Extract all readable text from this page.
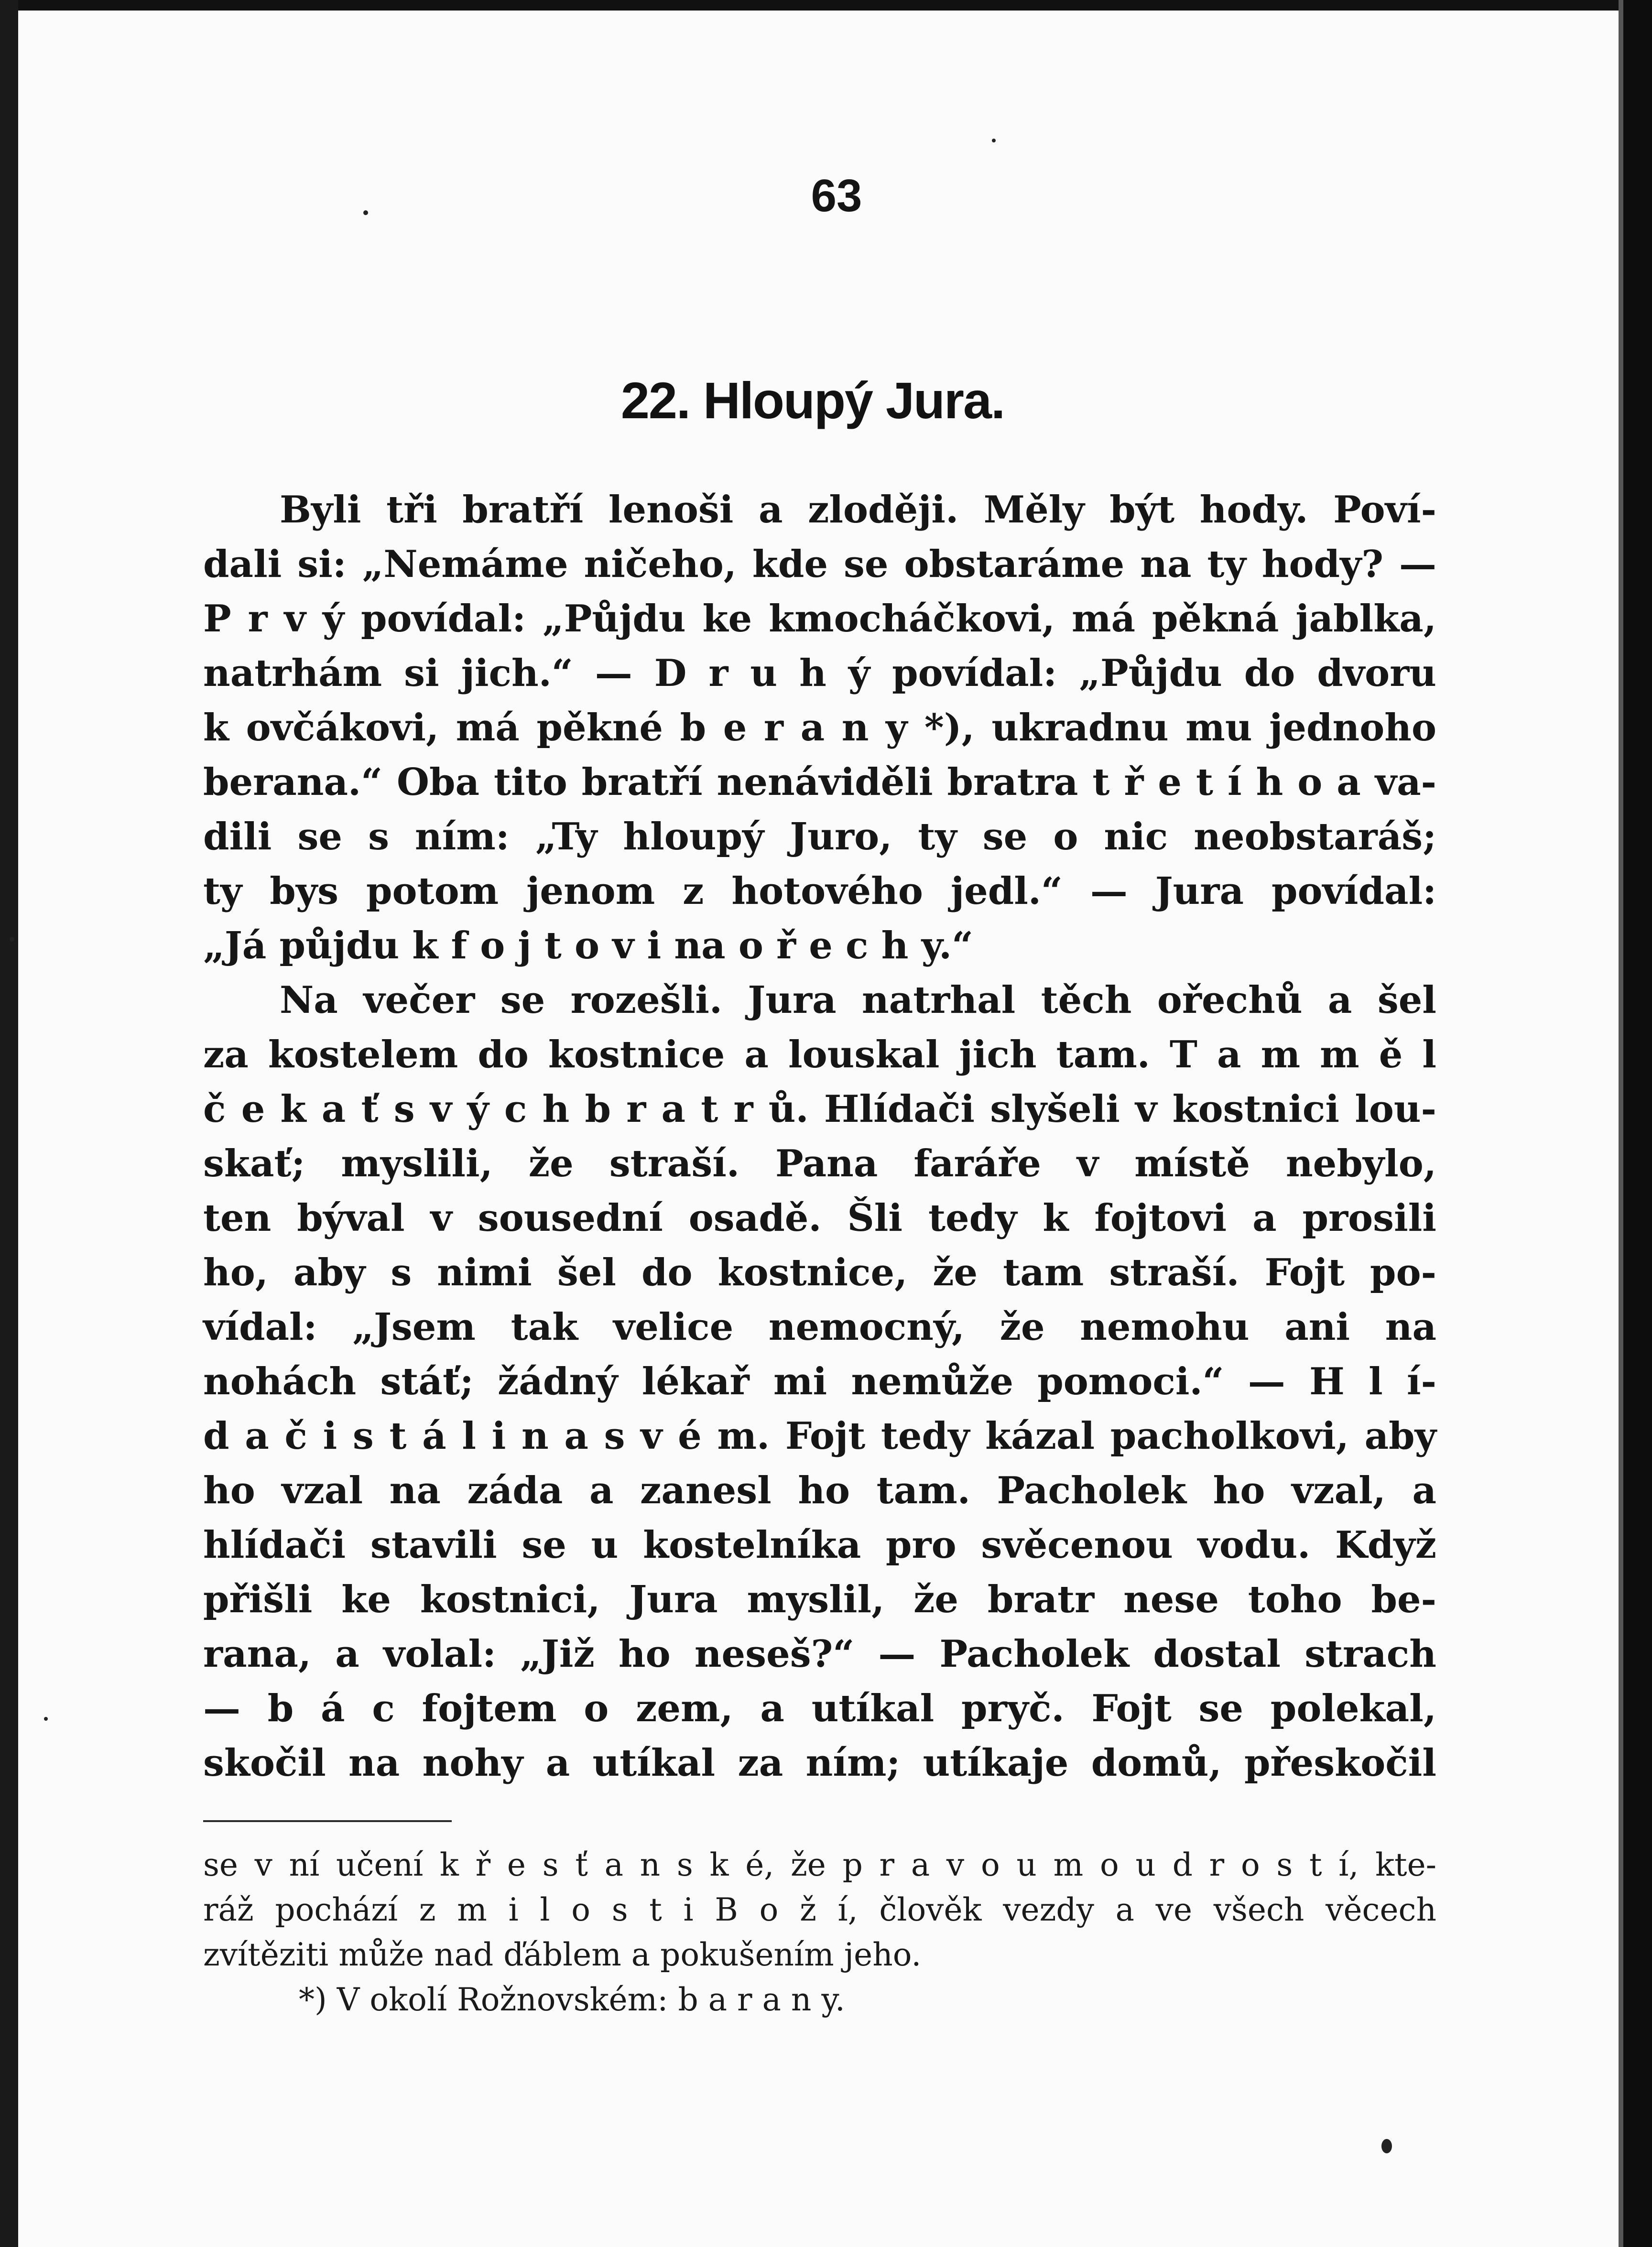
63
22. Hloupý Jura.
Byli tři bratří lenoši a zloději. Měly být hody. Poví-
dali si: „Nemáme ničeho, kde se obstaráme na ty hody? —
P r v ý povídal: „Půjdu ke kmocháčkovi, má pěkná jablka,
natrhám si jich.“ — D r u h ý povídal: „Půjdu do dvoru
k ovčákovi, má pěkné b e r a n y *), ukradnu mu jednoho
berana.“ Oba tito bratří nenáviděli bratra t ř e t í h o a va-
dili se s ním: „Ty hloupý Juro, ty se o nic neobstaráš;
ty bys potom jenom z hotového jedl.“ — Jura povídal:
„Já půjdu k f o j t o v i na o ř e c h y.“
Na večer se rozešli. Jura natrhal těch ořechů a šel
za kostelem do kostnice a louskal jich tam. T a m m ě l
č e k a ť s v ý c h b r a t r ů. Hlídači slyšeli v kostnici lou-
skať; myslili, že straší. Pana faráře v místě nebylo,
ten býval v sousední osadě. Šli tedy k fojtovi a prosili
ho, aby s nimi šel do kostnice, že tam straší. Fojt po-
vídal: „Jsem tak velice nemocný, že nemohu ani na
nohách stáť; žádný lékař mi nemůže pomoci.“ — H l í-
d a č i s t á l i n a s v é m. Fojt tedy kázal pacholkovi, aby
ho vzal na záda a zanesl ho tam. Pacholek ho vzal, a
hlídači stavili se u kostelníka pro svěcenou vodu. Když
přišli ke kostnici, Jura myslil, že bratr nese toho be-
rana, a volal: „Již ho neseš?“ — Pacholek dostal strach
— b á c fojtem o zem, a utíkal pryč. Fojt se polekal,
skočil na nohy a utíkal za ním; utíkaje domů, přeskočil
se v ní učení k ř e s ť a n s k é, že p r a v o u m o u d r o s t í, kte-
ráž pochází z m i l o s t i B o ž í, člověk vezdy a ve všech věcech
zvítěziti může nad ďáblem a pokušením jeho.
*) V okolí Rožnovském: b a r a n y.
